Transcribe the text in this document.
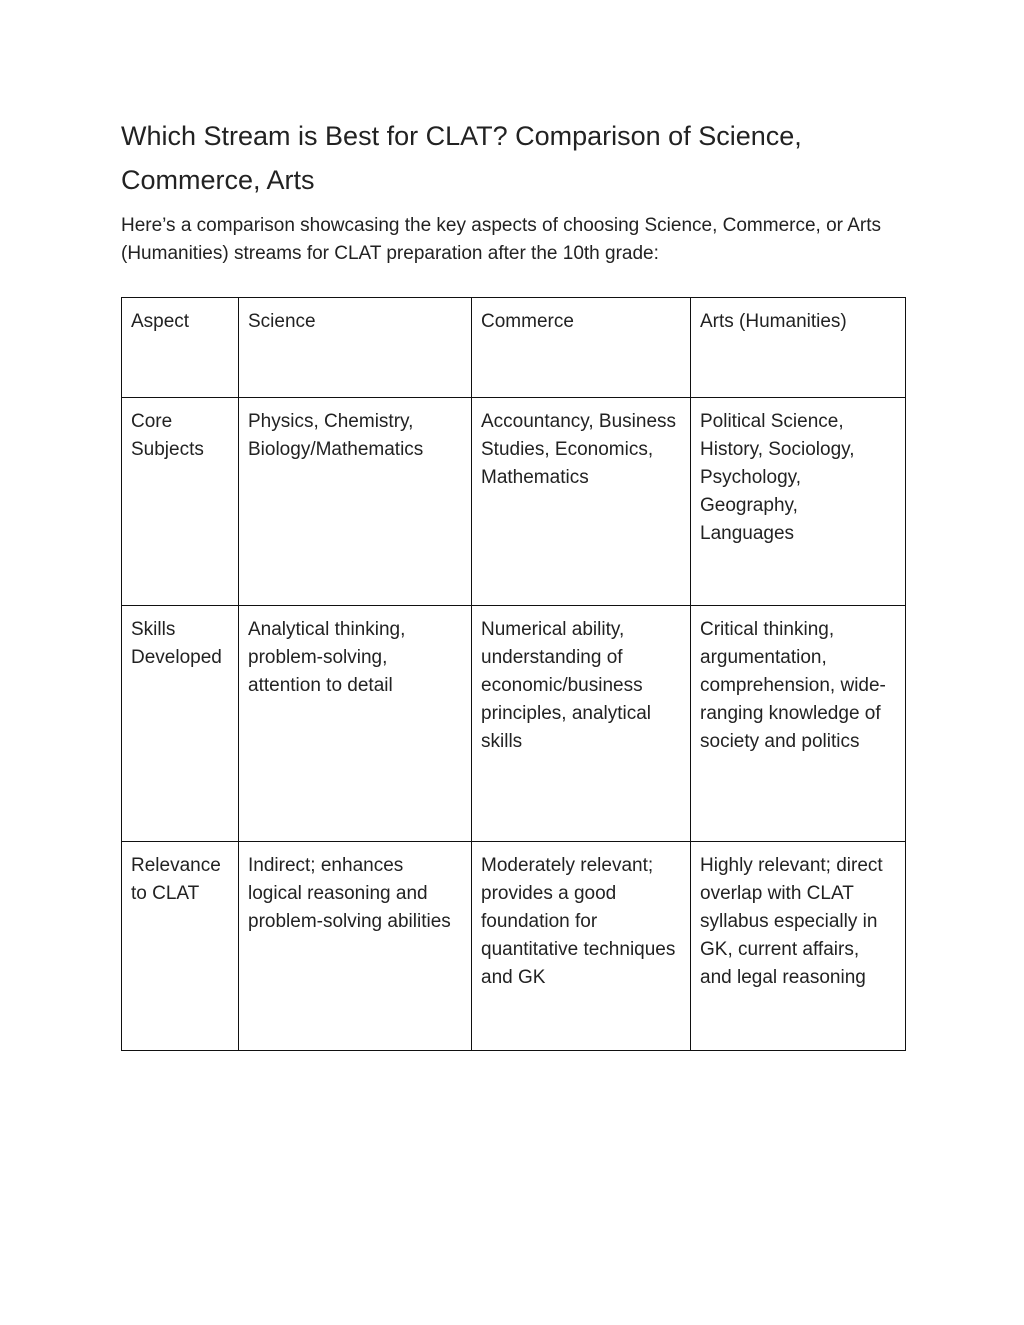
Which Stream is Best for CLAT? Comparison of Science, Commerce, Arts

Here’s a comparison showcasing the key aspects of choosing Science, Commerce, or Arts (Humanities) streams for CLAT preparation after the 10th grade:

Aspect	Science	Commerce	Arts (Humanities)
Core Subjects	Physics, Chemistry, Biology/Mathematics	Accountancy, Business Studies, Economics, Mathematics	Political Science, History, Sociology, Psychology, Geography, Languages
Skills Developed	Analytical thinking, problem-solving, attention to detail	Numerical ability, understanding of economic/business principles, analytical skills	Critical thinking, argumentation, comprehension, wide-ranging knowledge of society and politics
Relevance to CLAT	Indirect; enhances logical reasoning and problem-solving abilities	Moderately relevant; provides a good foundation for quantitative techniques and GK	Highly relevant; direct overlap with CLAT syllabus especially in GK, current affairs, and legal reasoning
